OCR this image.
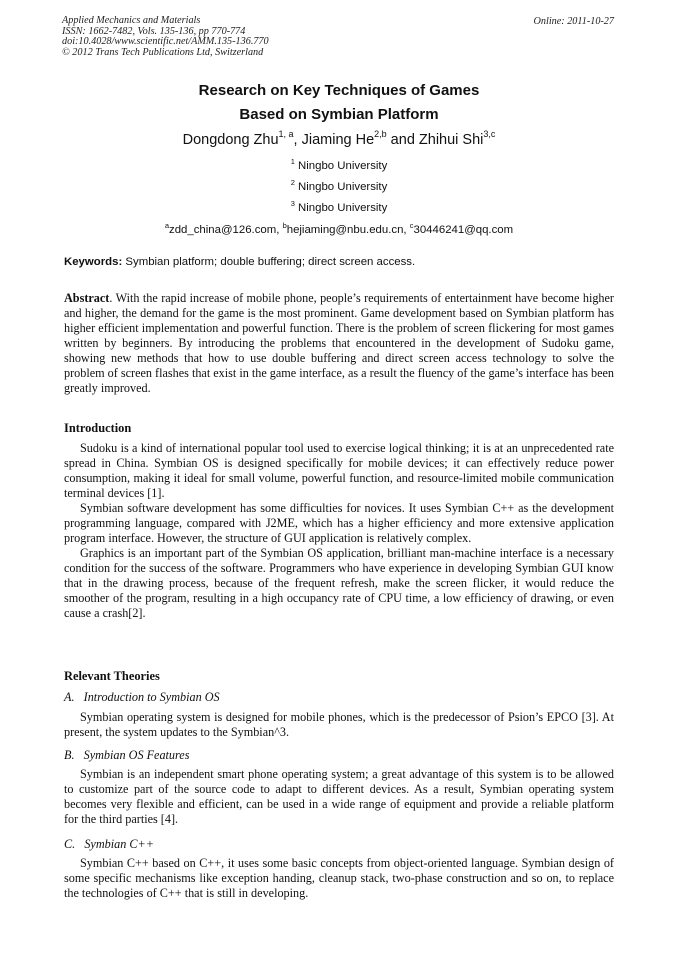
Applied Mechanics and Materials
ISSN: 1662-7482, Vols. 135-136, pp 770-774
doi:10.4028/www.scientific.net/AMM.135-136.770
© 2012 Trans Tech Publications Ltd, Switzerland
Online: 2011-10-27
Research on Key Techniques of Games
Based on Symbian Platform
Dongdong Zhu$^{1, a}$, Jiaming He$^{2,b}$ and Zhihui Shi$^{3,c}$
$^1$ Ningbo University
$^2$ Ningbo University
$^3$ Ningbo University
$^a$zdd_china@126.com, $^b$hejiaming@nbu.edu.cn, $^c$30446241@qq.com
Keywords: Symbian platform; double buffering; direct screen access.

Abstract. With the rapid increase of mobile phone, people’s requirements of entertainment have become higher and higher, the demand for the game is the most prominent. Game development based on Symbian platform has higher efficient implementation and powerful function. There is the problem of screen flickering for most games written by beginners. By introducing the problems that encountered in the development of Sudoku game, showing new methods that how to use double buffering and direct screen access technology to solve the problem of screen flashes that exist in the game interface, as a result the fluency of the game’s interface has been greatly improved.

Introduction

Sudoku is a kind of international popular tool used to exercise logical thinking; it is at an unprecedented rate spread in China. Symbian OS is designed specifically for mobile devices; it can effectively reduce power consumption, making it ideal for small volume, powerful function, and resource-limited mobile communication terminal devices [1].

Symbian software development has some difficulties for novices. It uses Symbian C++ as the development programming language, compared with J2ME, which has a higher efficiency and more extensive application program interface. However, the structure of GUI application is relatively complex.

Graphics is an important part of the Symbian OS application, brilliant man-machine interface is a necessary condition for the success of the software. Programmers who have experience in developing Symbian GUI know that in the drawing process, because of the frequent refresh, make the screen flicker, it would reduce the smoother of the program, resulting in a high occupancy rate of CPU time, a low efficiency of drawing, or even cause a crash[2].

Relevant Theories
A.   Introduction to Symbian OS

Symbian operating system is designed for mobile phones, which is the predecessor of Psion’s EPCO [3]. At present, the system updates to the Symbian^3.

B.   Symbian OS Features

Symbian is an independent smart phone operating system; a great advantage of this system is to be allowed to customize part of the source code to adapt to different devices. As a result, Symbian operating system becomes very flexible and efficient, can be used in a wide range of equipment and provide a reliable platform for the third parties [4].

C.   Symbian C++

Symbian C++ based on C++, it uses some basic concepts from object-oriented language. Symbian design of some specific mechanisms like exception handing, cleanup stack, two-phase construction and so on, to replace the technologies of C++ that is still in developing.
